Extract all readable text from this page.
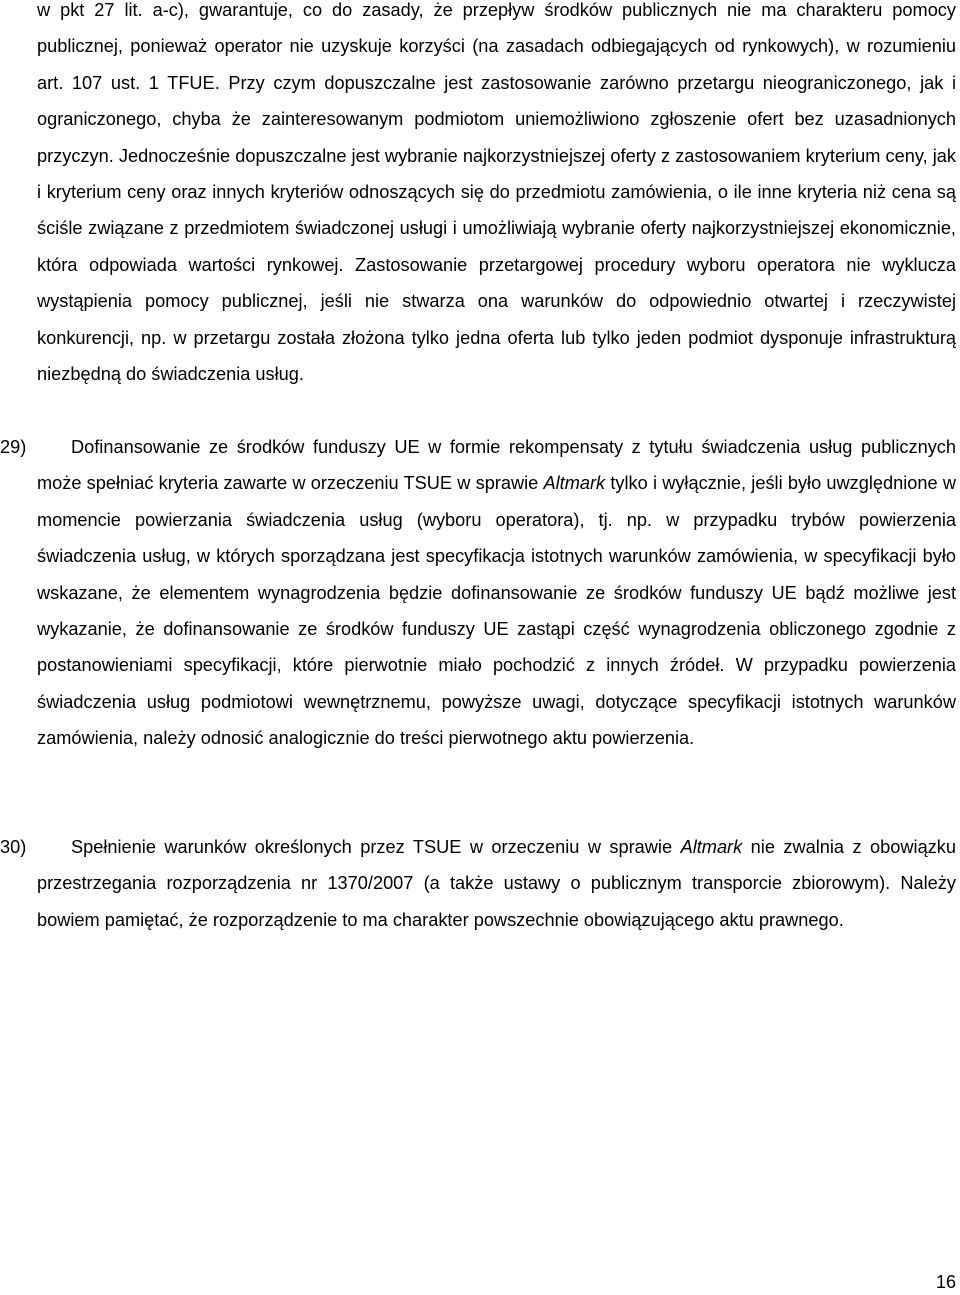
w pkt 27 lit. a-c), gwarantuje, co do zasady, że przepływ środków publicznych nie ma charakteru pomocy publicznej, ponieważ operator nie uzyskuje korzyści (na zasadach odbiegających od rynkowych), w rozumieniu art. 107 ust. 1 TFUE. Przy czym dopuszczalne jest zastosowanie zarówno przetargu nieograniczonego, jak i ograniczonego, chyba że zainteresowanym podmiotom uniemożliwiono zgłoszenie ofert bez uzasadnionych przyczyn. Jednocześnie dopuszczalne jest wybranie najkorzystniejszej oferty z zastosowaniem kryterium ceny, jak i kryterium ceny oraz innych kryteriów odnoszących się do przedmiotu zamówienia, o ile inne kryteria niż cena są ściśle związane z przedmiotem świadczonej usługi i umożliwiają wybranie oferty najkorzystniejszej ekonomicznie, która odpowiada wartości rynkowej. Zastosowanie przetargowej procedury wyboru operatora nie wyklucza wystąpienia pomocy publicznej, jeśli nie stwarza ona warunków do odpowiednio otwartej i rzeczywistej konkurencji, np. w przetargu została złożona tylko jedna oferta lub tylko jeden podmiot dysponuje infrastrukturą niezbędną do świadczenia usług.

29)	Dofinansowanie ze środków funduszy UE w formie rekompensaty z tytułu świadczenia usług publicznych może spełniać kryteria zawarte w orzeczeniu TSUE w sprawie Altmark tylko i wyłącznie, jeśli było uwzględnione w momencie powierzania świadczenia usług (wyboru operatora), tj. np. w przypadku trybów powierzenia świadczenia usług, w których sporządzana jest specyfikacja istotnych warunków zamówienia, w specyfikacji było wskazane, że elementem wynagrodzenia będzie dofinansowanie ze środków funduszy UE bądź możliwe jest wykazanie, że dofinansowanie ze środków funduszy UE zastąpi część wynagrodzenia obliczonego zgodnie z postanowieniami specyfikacji, które pierwotnie miało pochodzić z innych źródeł. W przypadku powierzenia świadczenia usług podmiotowi wewnętrznemu, powyższe uwagi, dotyczące specyfikacji istotnych warunków zamówienia, należy odnosić analogicznie do treści pierwotnego aktu powierzenia.

30)	Spełnienie warunków określonych przez TSUE w orzeczeniu w sprawie Altmark nie zwalnia z obowiązku przestrzegania rozporządzenia nr 1370/2007 (a także ustawy o publicznym transporcie zbiorowym). Należy bowiem pamiętać, że rozporządzenie to ma charakter powszechnie obowiązującego aktu prawnego.

16
